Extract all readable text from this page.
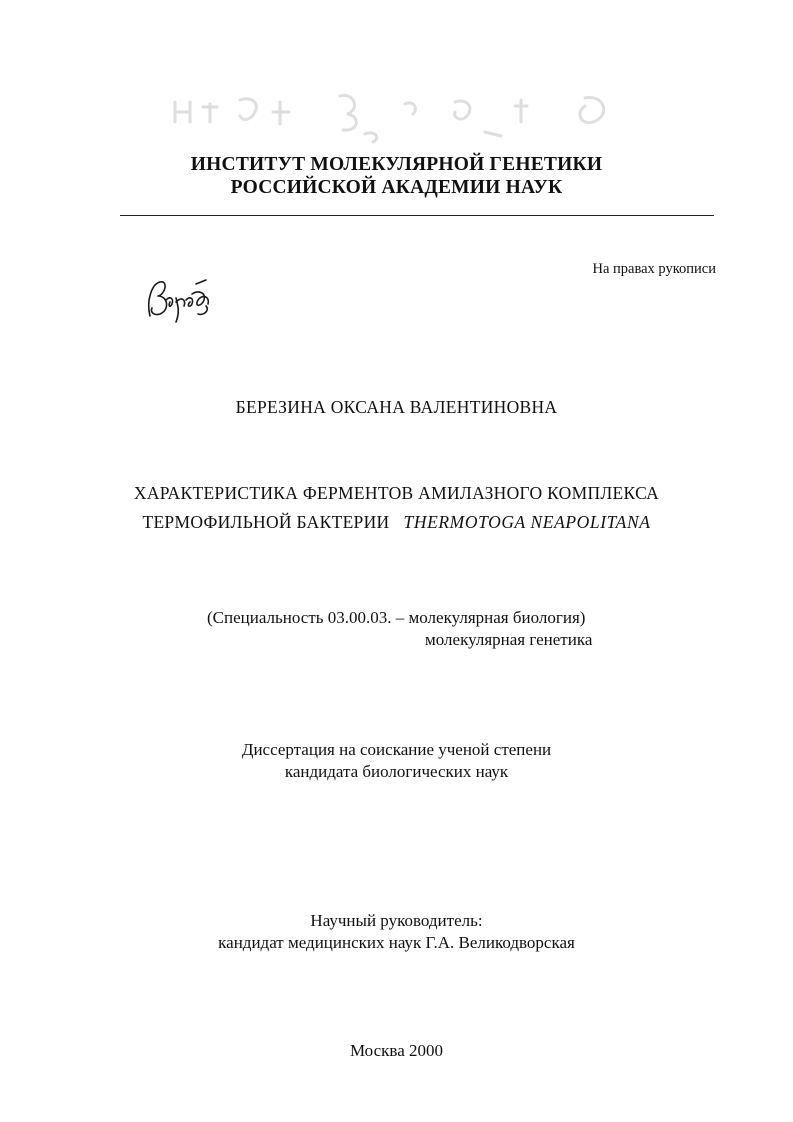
ИНСТИТУТ МОЛЕКУЛЯРНОЙ ГЕНЕТИКИ
РОССИЙСКОЙ АКАДЕМИИ НАУК
На правах рукописи
БЕРЕЗИНА ОКСАНА ВАЛЕНТИНОВНА
ХАРАКТЕРИСТИКА ФЕРМЕНТОВ АМИЛАЗНОГО КОМПЛЕКСА
ТЕРМОФИЛЬНОЙ БАКТЕРИИ THERMOTOGA NEAPOLITANA
(Специальность 03.00.03. – молекулярная биология)
молекулярная генетика
Диссертация на соискание ученой степени
кандидата биологических наук
Научный руководитель:
кандидат медицинских наук Г.А. Великодворская
Москва 2000
